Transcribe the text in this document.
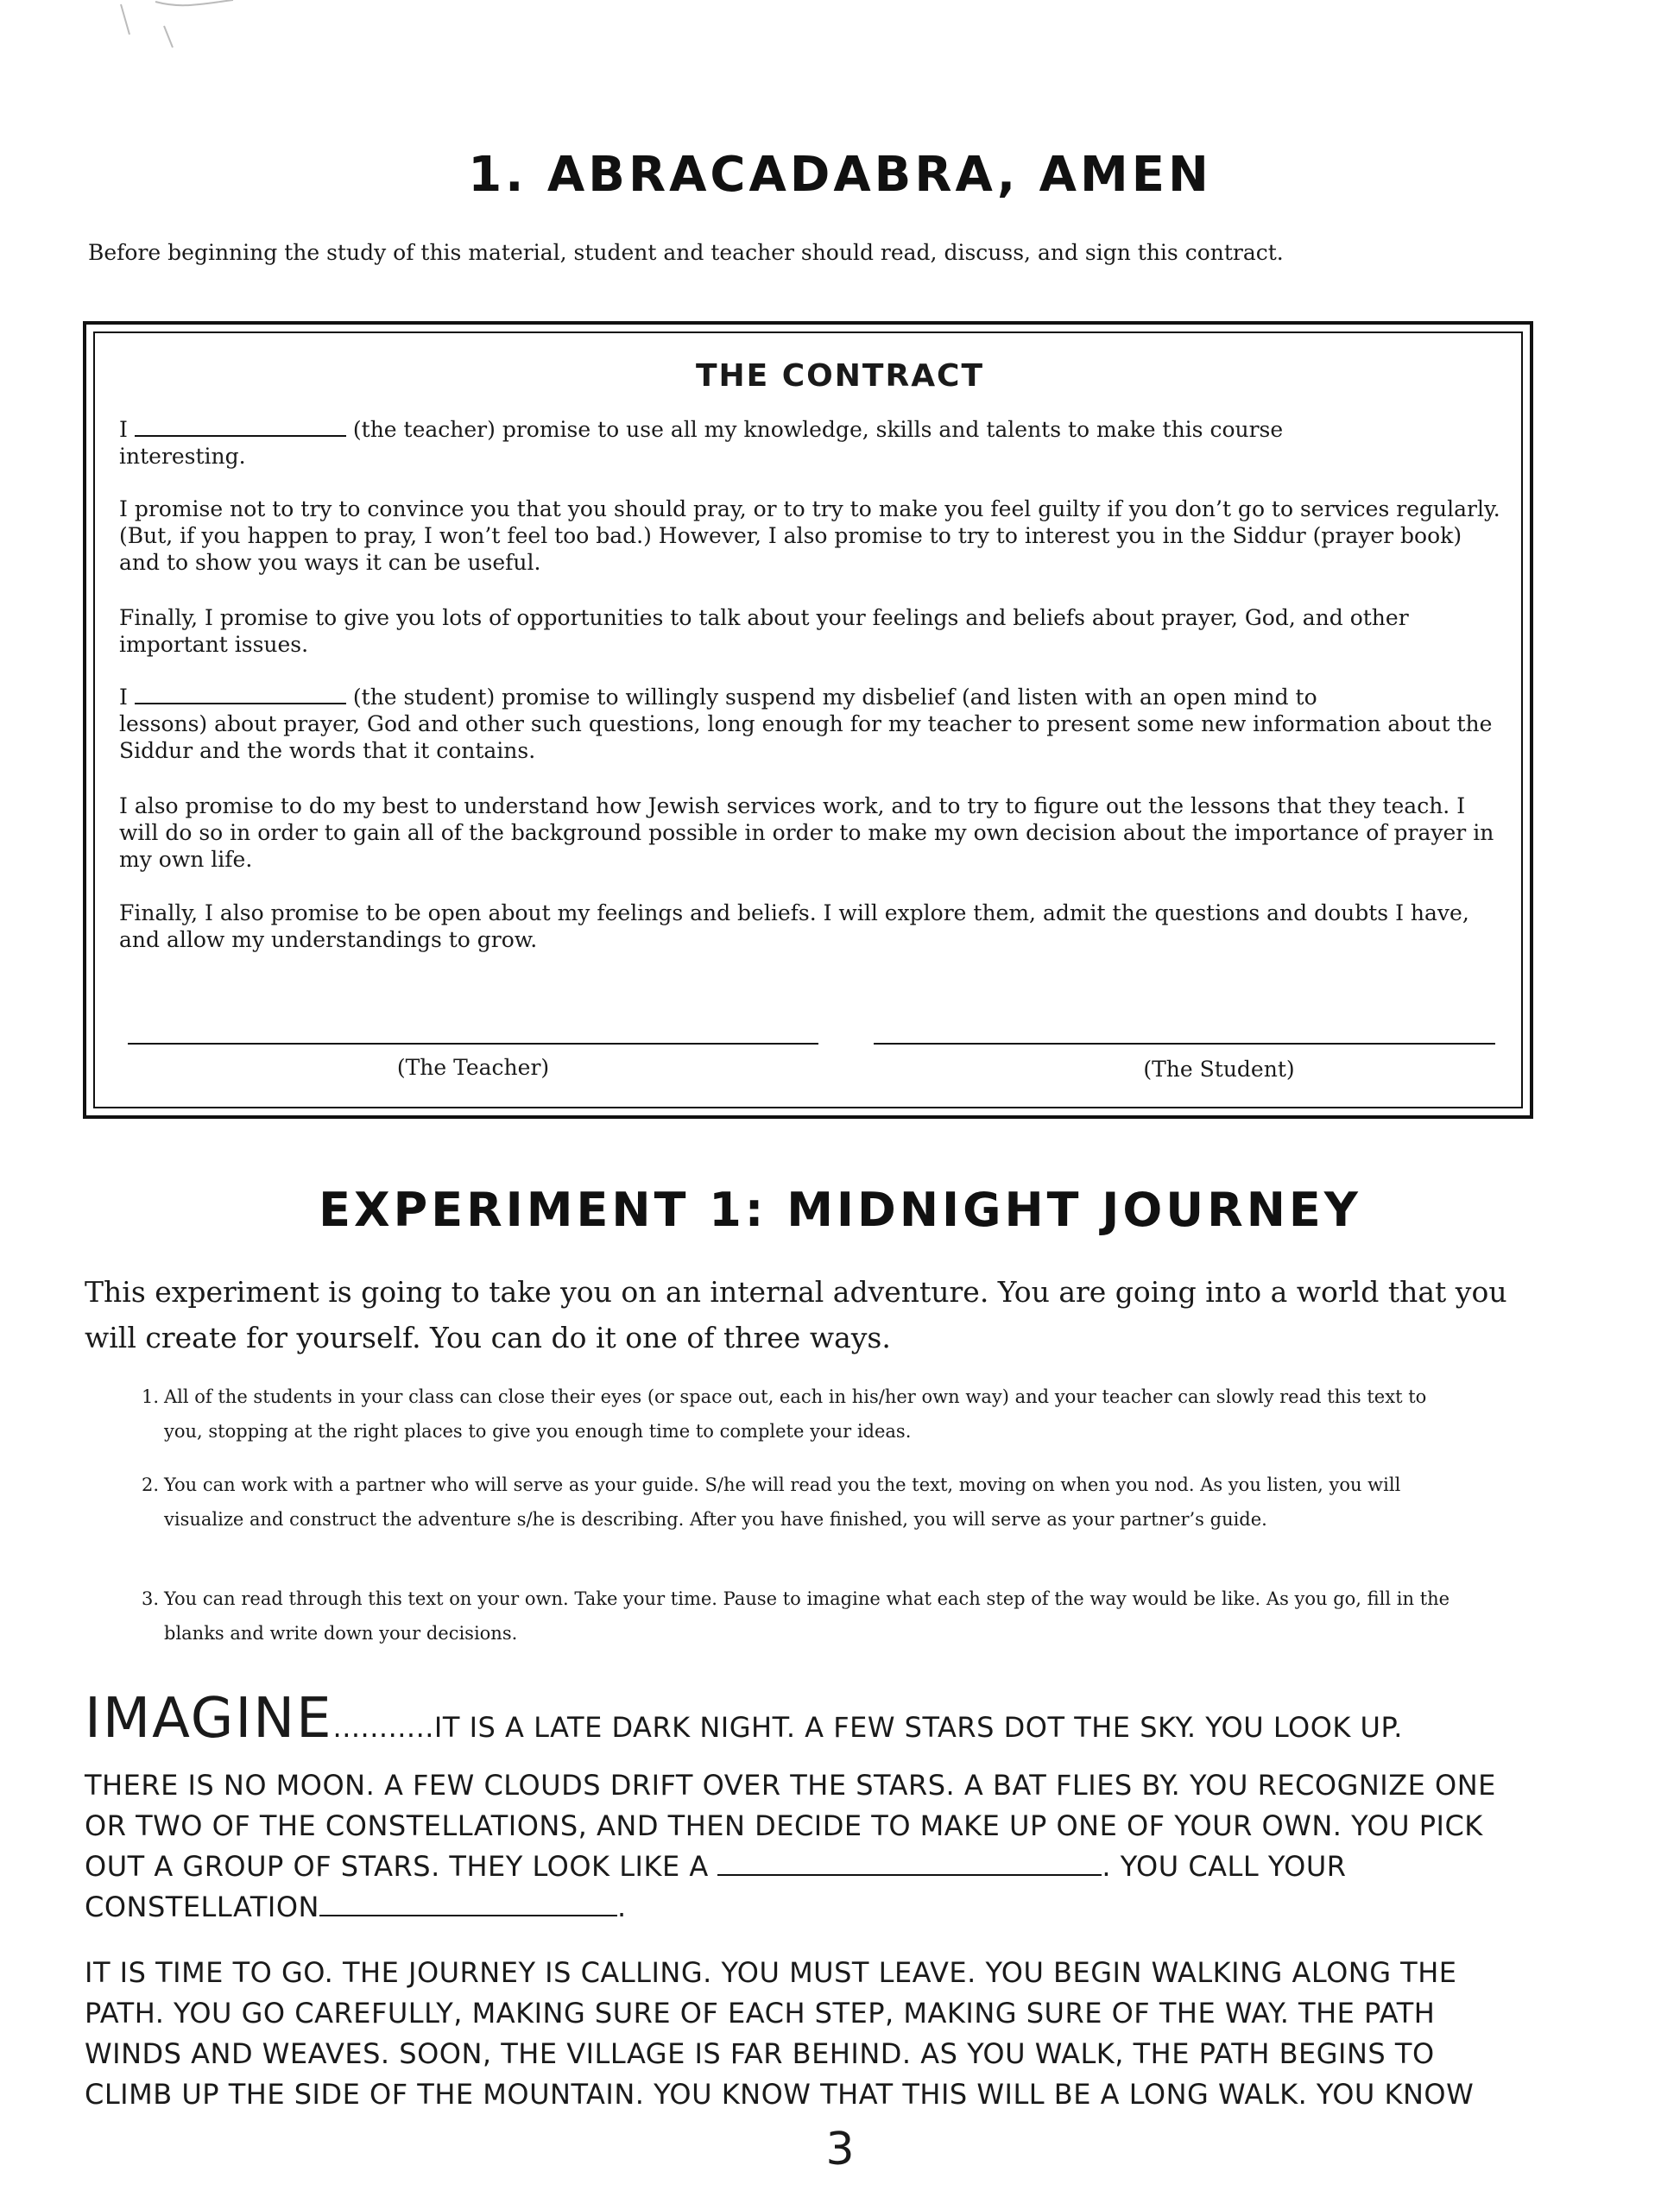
1. ABRACADABRA, AMEN
Before beginning the study of this material, student and teacher should read, discuss, and sign this contract.
THE CONTRACT
I	(the teacher) promise to use all my knowledge, skills and talents to make this course
interesting.
I promise not to try to convince you that you should pray, or to try to make you feel guilty if you don’t go to services regularly. (But, if you happen to pray, I won’t feel too bad.) However, I also promise to try to interest you in the Siddur (prayer book) and to show you ways it can be useful.
Finally, I promise to give you lots of opportunities to talk about your feelings and beliefs about prayer, God, and other important issues.
I	(the student) promise to willingly suspend my disbelief (and listen with an open mind to
lessons) about prayer, God and other such questions, long enough for my teacher to present some new information about the Siddur and the words that it contains.
I also promise to do my best to understand how Jewish services work, and to try to figure out the lessons that they teach. I will do so in order to gain all of the background possible in order to make my own decision about the importance of prayer in my own life.
Finally, I also promise to be open about my feelings and beliefs. I will explore them, admit the questions and doubts I have, and allow my understandings to grow.
(The Teacher)	(The Student)
EXPERIMENT 1: MIDNIGHT JOURNEY
This experiment is going to take you on an internal adventure. You are going into a world that you will create for yourself. You can do it one of three ways.
1. All of the students in your class can close their eyes (or space out, each in his/her own way) and your teacher can slowly read this text to you, stopping at the right places to give you enough time to complete your ideas.
2. You can work with a partner who will serve as your guide. S/he will read you the text, moving on when you nod. As you listen, you will visualize and construct the adventure s/he is describing. After you have finished, you will serve as your partner’s guide.
3. You can read through this text on your own. Take your time. Pause to imagine what each step of the way would be like. As you go, fill in the blanks and write down your decisions.
IMAGINE...........IT IS A LATE DARK NIGHT. A FEW STARS DOT THE SKY. YOU LOOK UP.
THERE IS NO MOON. A FEW CLOUDS DRIFT OVER THE STARS. A BAT FLIES BY. YOU RECOGNIZE ONE
OR TWO OF THE CONSTELLATIONS, AND THEN DECIDE TO MAKE UP ONE OF YOUR OWN. YOU PICK
OUT A GROUP OF STARS. THEY LOOK LIKE A	. YOU CALL YOUR
CONSTELLATION	.
IT IS TIME TO GO. THE JOURNEY IS CALLING. YOU MUST LEAVE. YOU BEGIN WALKING ALONG THE
PATH. YOU GO CAREFULLY, MAKING SURE OF EACH STEP, MAKING SURE OF THE WAY. THE PATH
WINDS AND WEAVES. SOON, THE VILLAGE IS FAR BEHIND. AS YOU WALK, THE PATH BEGINS TO
CLIMB UP THE SIDE OF THE MOUNTAIN. YOU KNOW THAT THIS WILL BE A LONG WALK. YOU KNOW
3
